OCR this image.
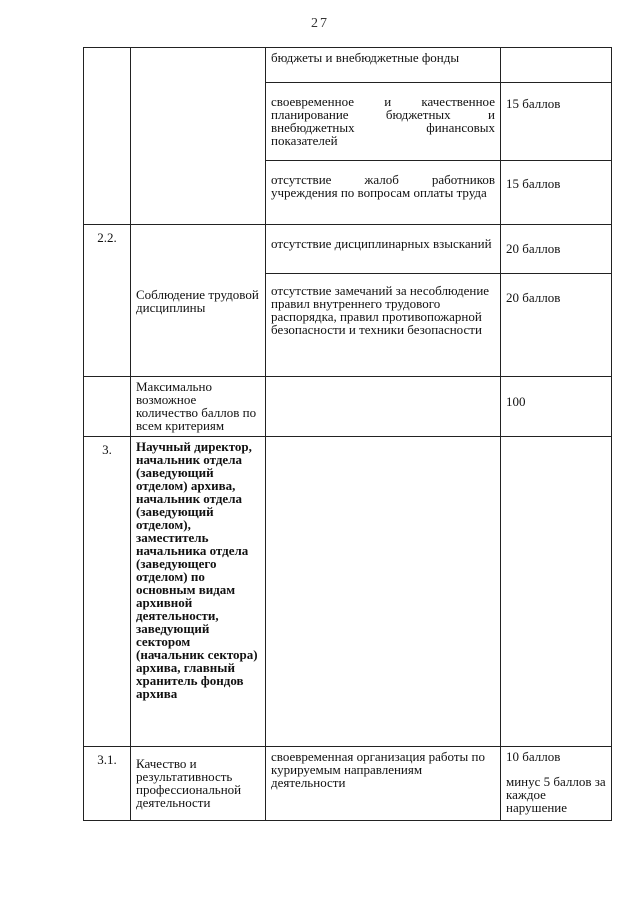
27
		бюджеты и внебюджетные фонды	
		своевременное и качественное планирование бюджетных и внебюджетных финансовых показателей	15 баллов
		отсутствие жалоб работников учреждения по вопросам оплаты труда	15 баллов
2.2.	Соблюдение трудовой дисциплины	отсутствие дисциплинарных взысканий	20 баллов
		отсутствие замечаний за несоблюдение правил внутреннего трудового распорядка, правил противопожарной безопасности и техники безопасности	20 баллов
	Максимально возможное количество баллов по всем критериям		100
3.	Научный директор, начальник отдела (заведующий отделом) архива, начальник отдела (заведующий отделом), заместитель начальника отдела (заведующего отделом) по основным видам архивной деятельности, заведующий сектором (начальник сектора) архива, главный хранитель фондов архива		
3.1.	Качество и результативность профессиональной деятельности	своевременная организация работы по курируемым направлениям деятельности	10 баллов
минус 5 баллов за каждое нарушение
